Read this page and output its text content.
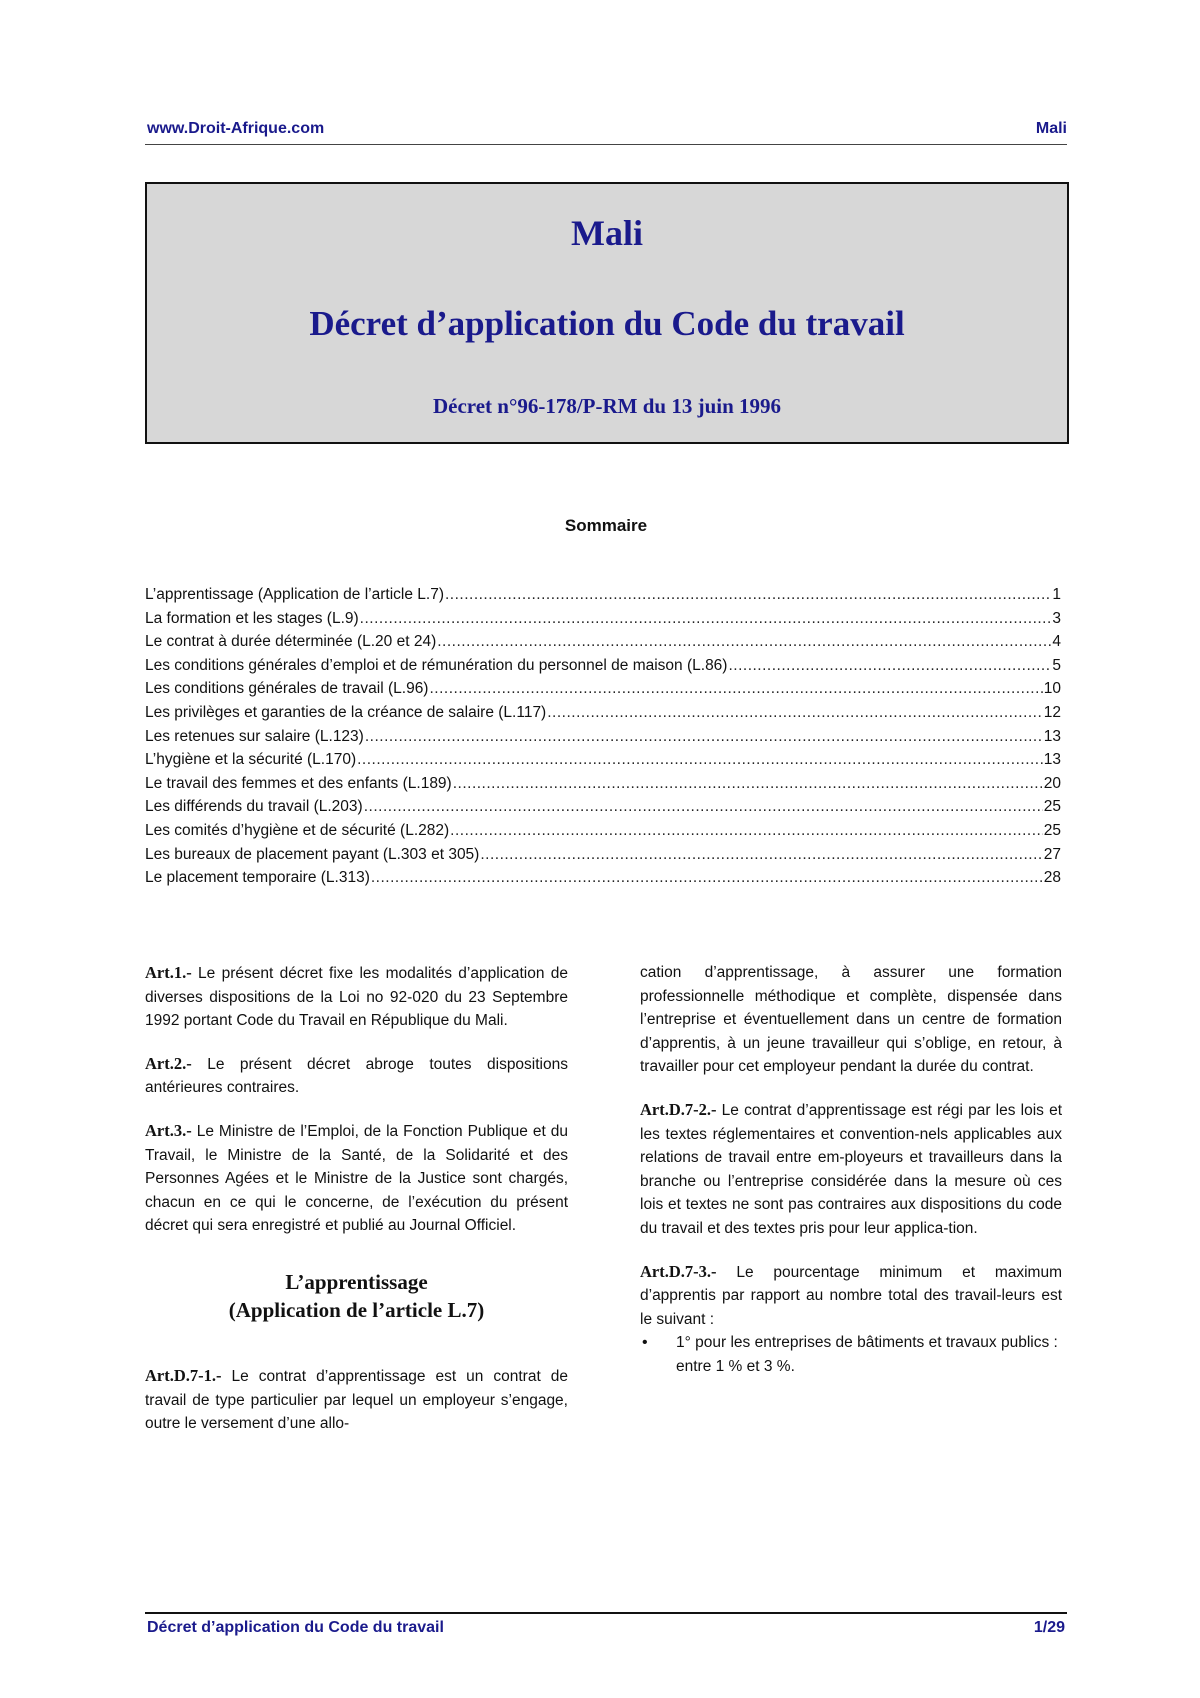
www.Droit-Afrique.com	Mali
Mali
Décret d’application du Code du travail
Décret n°96-178/P-RM du 13 juin 1996
Sommaire
L’apprentissage (Application de l’article L.7) .....	1
La formation et les stages (L.9) .....	3
Le contrat à durée déterminée (L.20 et 24) .....	4
Les conditions générales d’emploi et de rémunération du personnel de maison (L.86) .....	5
Les conditions générales de travail (L.96) .....	10
Les privilèges et garanties de la créance de salaire (L.117) .....	12
Les retenues sur salaire (L.123) .....	13
L’hygiène et la sécurité (L.170) .....	13
Le travail des femmes et des enfants (L.189) .....	20
Les différends du travail (L.203) .....	25
Les comités d’hygiène et de sécurité (L.282) .....	25
Les bureaux de placement payant (L.303 et 305) .....	27
Le placement temporaire (L.313) .....	28

Art.1.- Le présent décret fixe les modalités d’application de diverses dispositions de la Loi no 92-020 du 23 Septembre 1992 portant Code du Travail en République du Mali.

Art.2.- Le présent décret abroge toutes dispositions antérieures contraires.

Art.3.- Le Ministre de l’Emploi, de la Fonction Publique et du Travail, le Ministre de la Santé, de la Solidarité et des Personnes Agées et le Ministre de la Justice sont chargés, chacun en ce qui le concerne, de l’exécution du présent décret qui sera enregistré et publié au Journal Officiel.

L’apprentissage
(Application de l’article L.7)

Art.D.7-1.- Le contrat d’apprentissage est un contrat de travail de type particulier par lequel un employeur s’engage, outre le versement d’une allo-

cation d’apprentissage, à assurer une formation professionnelle méthodique et complète, dispensée dans l’entreprise et éventuellement dans un centre de formation d’apprentis, à un jeune travailleur qui s’oblige, en retour, à travailler pour cet employeur pendant la durée du contrat.

Art.D.7-2.- Le contrat d’apprentissage est régi par les lois et les textes réglementaires et convention-nels applicables aux relations de travail entre em-ployeurs et travailleurs dans la branche ou l’entreprise considérée dans la mesure où ces lois et textes ne sont pas contraires aux dispositions du code du travail et des textes pris pour leur applica-tion.

Art.D.7-3.- Le pourcentage minimum et maximum d’apprentis par rapport au nombre total des travail-leurs est le suivant :

• 1° pour les entreprises de bâtiments et travaux publics : entre 1 % et 3 %.
Décret d’application du Code du travail	1/29
